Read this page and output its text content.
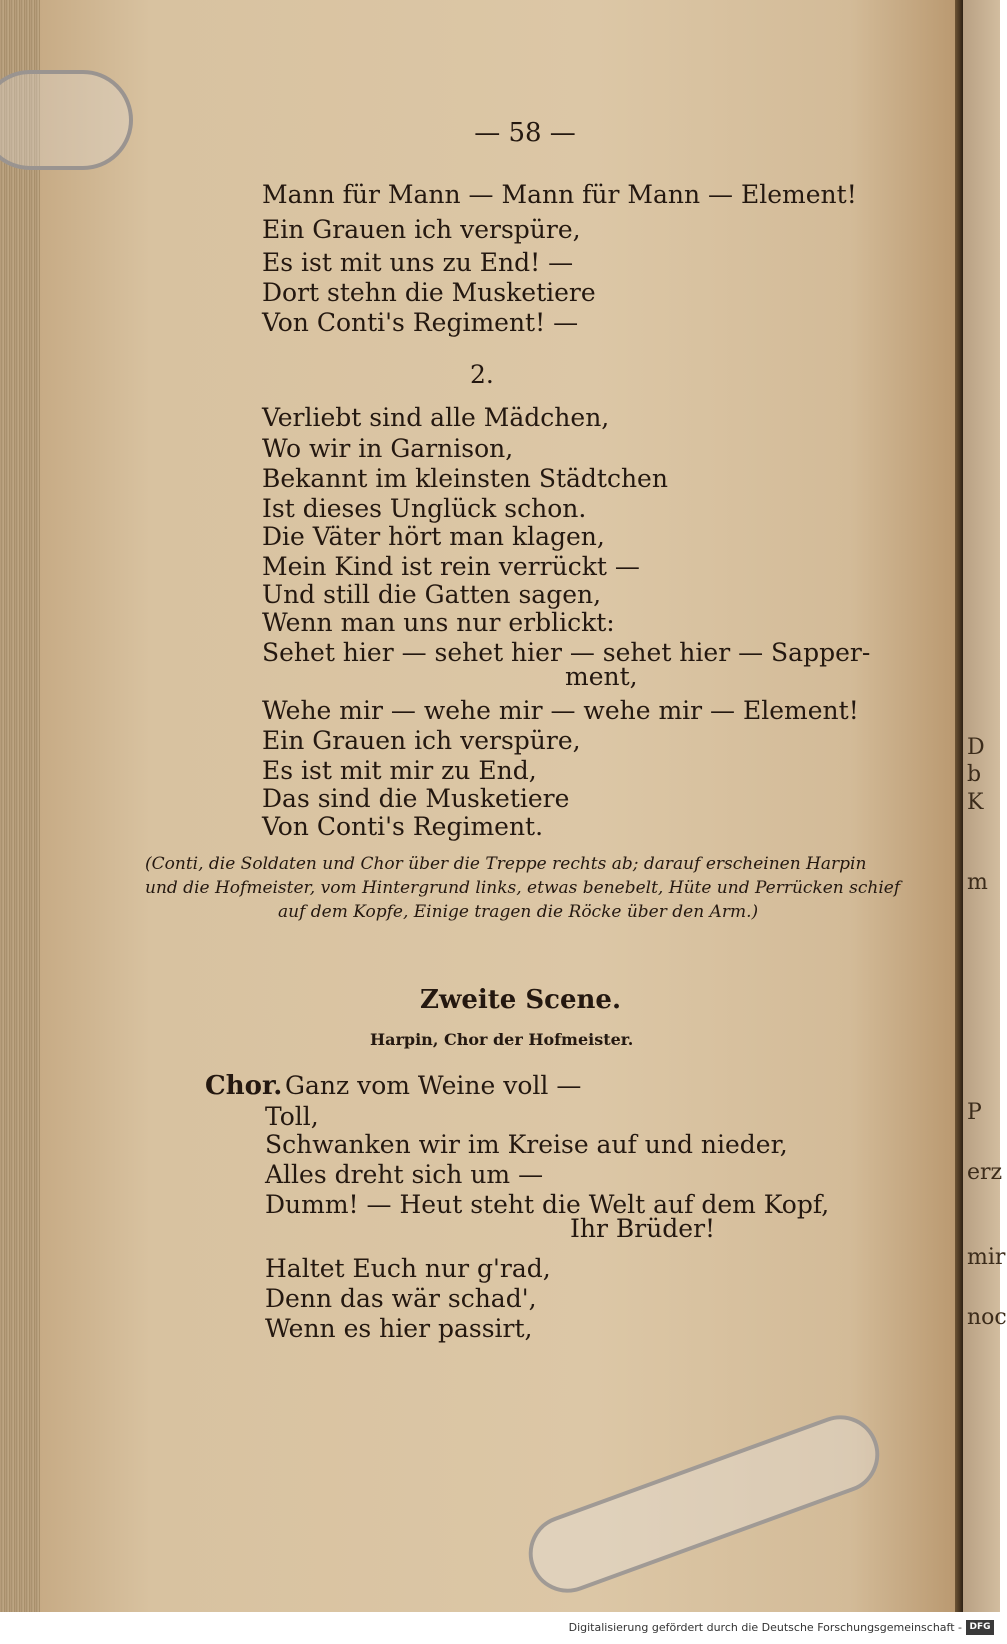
D
b
K
m
P
erz
mir
noc
— 58 —
Mann für Mann — Mann für Mann — Element!
Ein Grauen ich verspüre,
Es ist mit uns zu End! —
Dort stehn die Musketiere
Von Conti's Regiment! —
2.
Verliebt sind alle Mädchen,
Wo wir in Garnison,
Bekannt im kleinsten Städtchen
Ist dieses Unglück schon.
Die Väter hört man klagen,
Mein Kind ist rein verrückt —
Und still die Gatten sagen,
Wenn man uns nur erblickt:
Sehet hier — sehet hier — sehet hier — Sapper-
ment,
Wehe mir — wehe mir — wehe mir — Element!
Ein Grauen ich verspüre,
Es ist mit mir zu End,
Das sind die Musketiere
Von Conti's Regiment.
(Conti, die Soldaten und Chor über die Treppe rechts ab; darauf erscheinen Harpin
und die Hofmeister, vom Hintergrund links, etwas benebelt, Hüte und Perrücken schief
auf dem Kopfe, Einige tragen die Röcke über den Arm.)
Zweite Scene.
Harpin, Chor der Hofmeister.
Chor. Ganz vom Weine voll —
Toll,
Schwanken wir im Kreise auf und nieder,
Alles dreht sich um —
Dumm! — Heut steht die Welt auf dem Kopf,
Ihr Brüder!
Haltet Euch nur g'rad,
Denn das wär schad',
Wenn es hier passirt,
Digitalisierung gefördert durch die Deutsche Forschungsgemeinschaft - DFG
